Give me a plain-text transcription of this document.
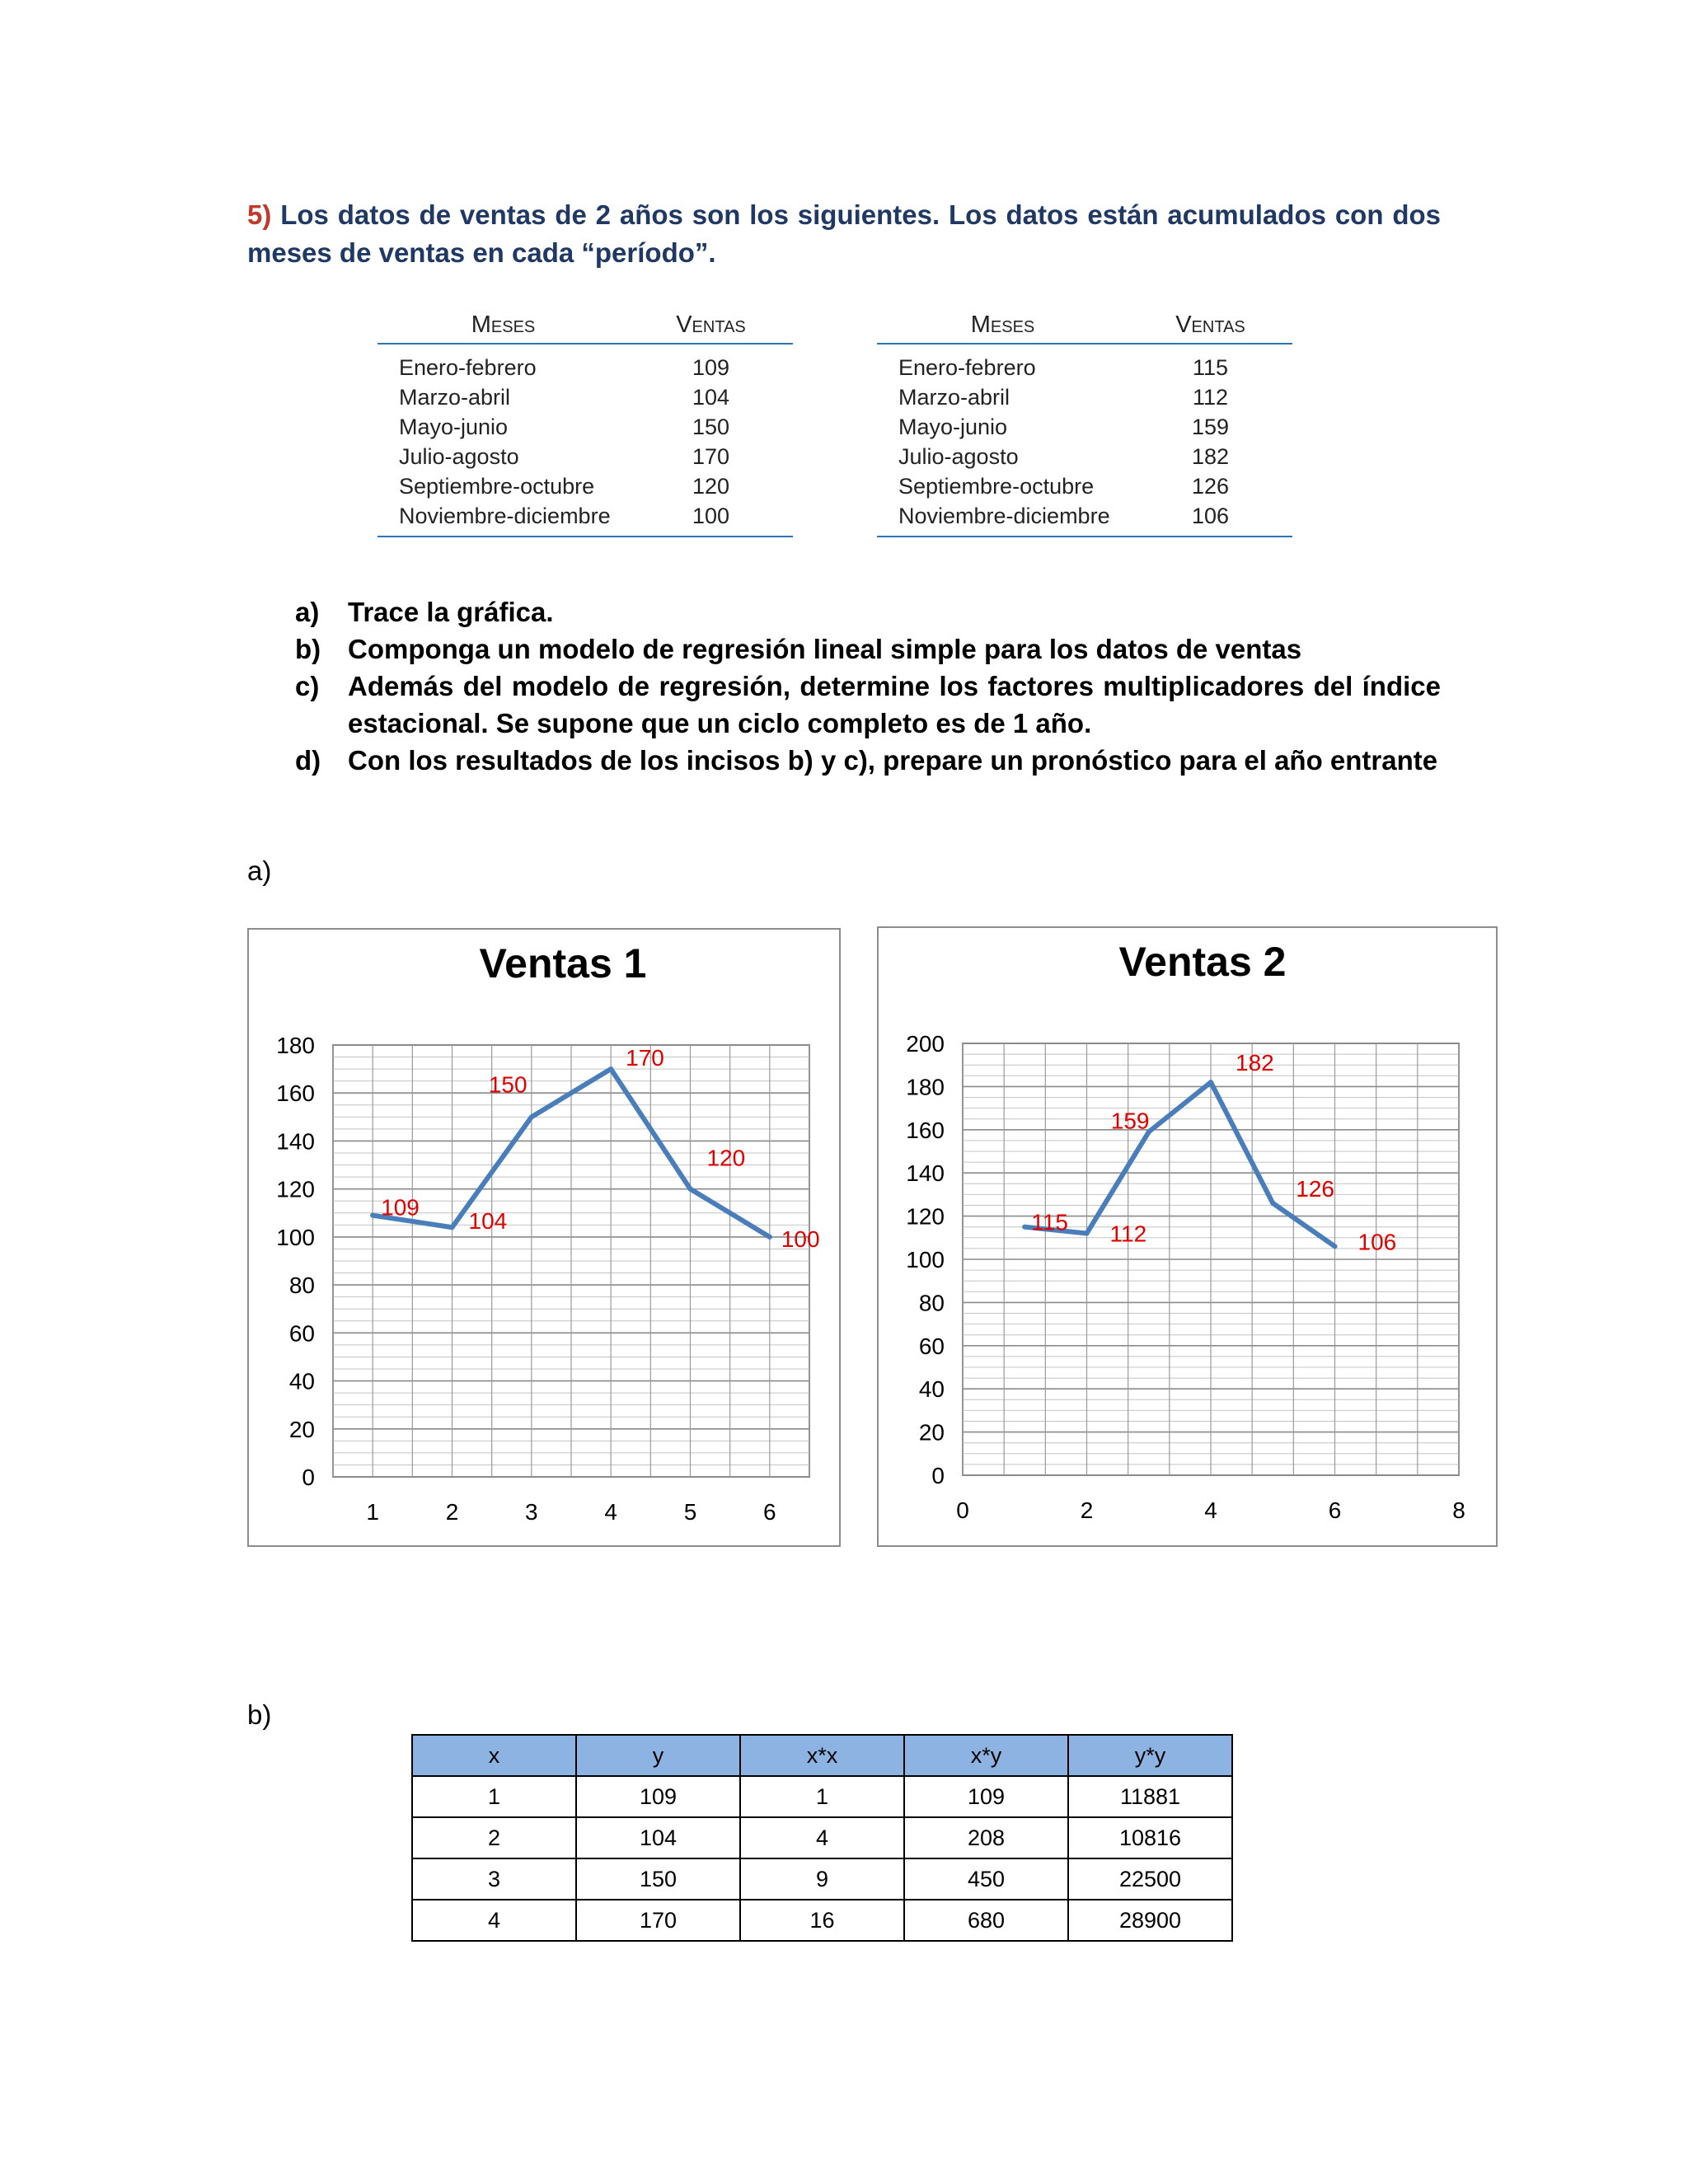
5) Los datos de ventas de 2 años son los siguientes. Los datos están acumulados con dos meses de ventas en cada “período”.
Meses	Ventas
Enero-febrero	109
Marzo-abril	104
Mayo-junio	150
Julio-agosto	170
Septiembre-octubre	120
Noviembre-diciembre	100
Meses	Ventas
Enero-febrero	115
Marzo-abril	112
Mayo-junio	159
Julio-agosto	182
Septiembre-octubre	126
Noviembre-diciembre	106
a) Trace la gráfica.
b) Componga un modelo de regresión lineal simple para los datos de ventas
c) Además del modelo de regresión, determine los factores multiplicadores del índice estacional. Se supone que un ciclo completo es de 1 año.
d) Con los resultados de los incisos b) y c), prepare un pronóstico para el año entrante
a)
Ventas 1
0
20
40
60
80
100
120
140
160
180
1	2	3	4	5	6
109
104
150
170
120
100
Ventas 2
0
20
40
60
80
100
120
140
160
180
200
0	2	4	6	8
115 112
159
182
126
106
b)
x	y	x*x	x*y	y*y
1	109	1	109	11881
2	104	4	208	10816
3	150	9	450	22500
4	170	16	680	28900
